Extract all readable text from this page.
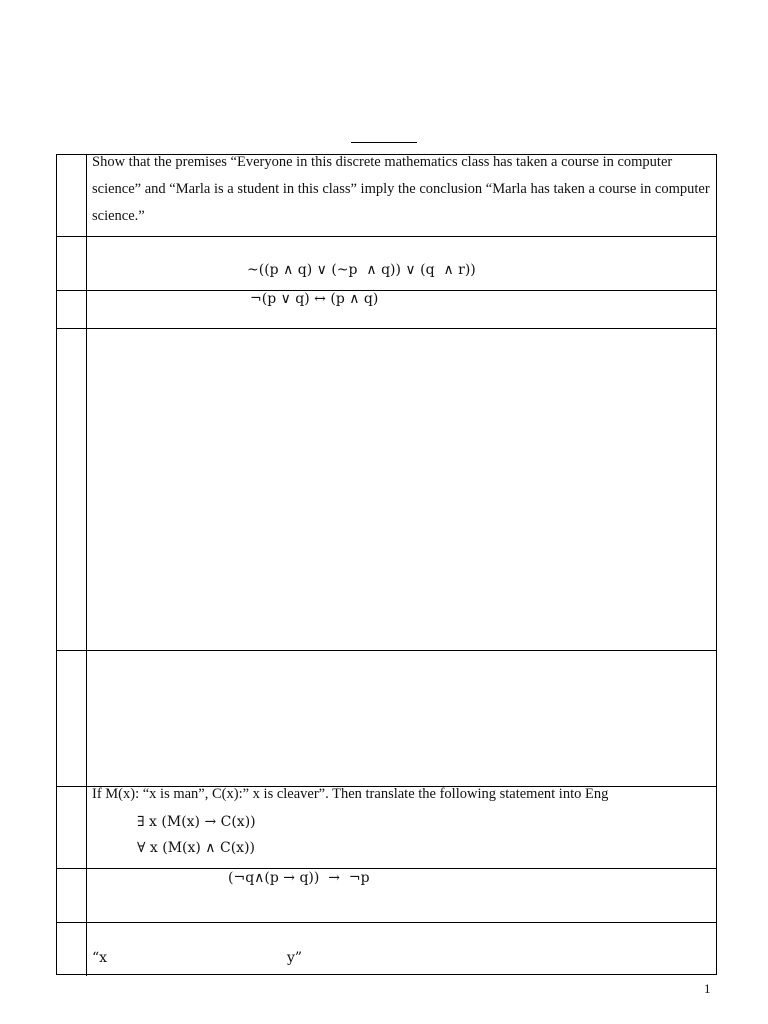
Show that the premises “Everyone in this discrete mathematics class has taken a course in computer science” and “Marla is a student in this class” imply the conclusion “Marla has taken a course in computer science.”

~((p ∧ q) ∨ (~p  ∧ q)) ∨ (q  ∧ r))
¬(p ∨ q) ↔ (p ∧ q)
If M(x): “x is man”, C(x):” x is cleaver”. Then translate the following statement into Eng
∃ x (M(x) → C(x))
∀ x (M(x) ∧ C(x))
(¬q∧(p → q))  →  ¬p
“x	y”
1
